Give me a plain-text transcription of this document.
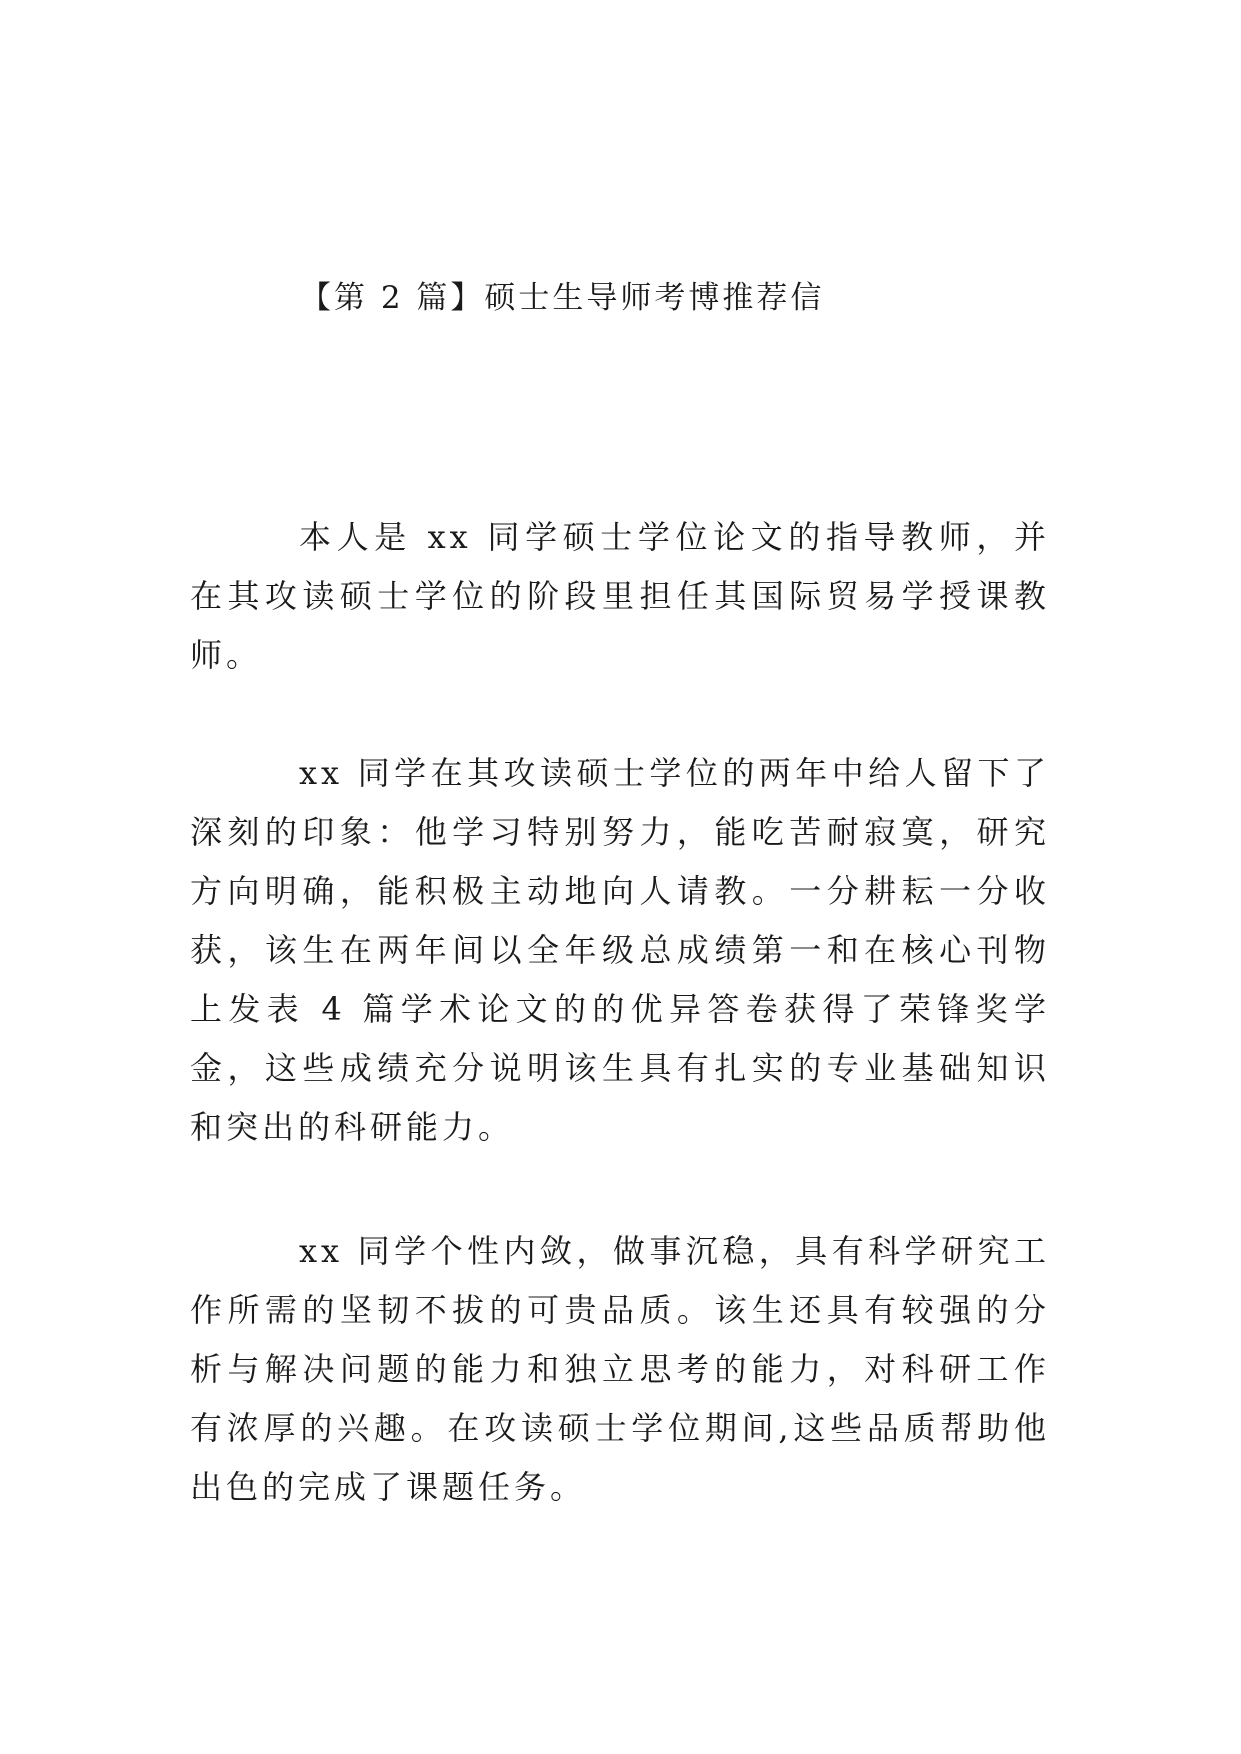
【第 2 篇】硕士生导师考博推荐信

本人是 xx 同学硕士学位论文的指导教师，并在其攻读硕士学位的阶段里担任其国际贸易学授课教师。

xx 同学在其攻读硕士学位的两年中给人留下了深刻的印象：他学习特别努力，能吃苦耐寂寞，研究方向明确，能积极主动地向人请教。一分耕耘一分收获，该生在两年间以全年级总成绩第一和在核心刊物上发表 4 篇学术论文的的优异答卷获得了荣锋奖学金，这些成绩充分说明该生具有扎实的专业基础知识和突出的科研能力。

xx 同学个性内敛，做事沉稳，具有科学研究工作所需的坚韧不拔的可贵品质。该生还具有较强的分析与解决问题的能力和独立思考的能力，对科研工作有浓厚的兴趣。在攻读硕士学位期间,这些品质帮助他出色的完成了课题任务。
